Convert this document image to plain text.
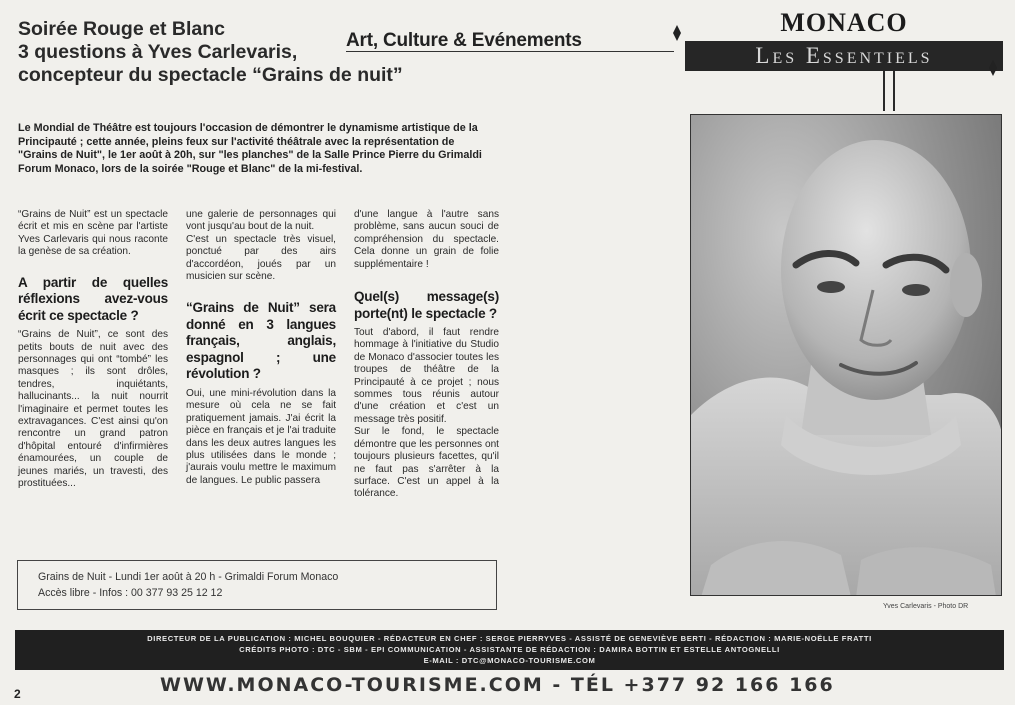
Soirée Rouge et Blanc
3 questions à Yves Carlevaris,
concepteur du spectacle “Grains de nuit”
Art, Culture & Evénements
MONACO
Les Essentiels
Le Mondial de Théâtre est toujours l'occasion de démontrer le dynamisme artistique de la Principauté ; cette année, pleins feux sur l'activité théâtrale avec la représentation de "Grains de Nuit", le 1er août à 20h, sur "les planches" de la Salle Prince Pierre du Grimaldi Forum Monaco, lors de la soirée "Rouge et Blanc" de la mi-festival.

“Grains de Nuit” est un spectacle écrit et mis en scène par l'artiste Yves Carlevaris qui nous raconte la genèse de sa création.

A partir de quelles réflexions avez-vous écrit ce spectacle ?

“Grains de Nuit”, ce sont des petits bouts de nuit avec des personnages qui ont “tombé” les masques ; ils sont drôles, tendres, inquiétants, hallucinants... la nuit nourrit l'imaginaire et permet toutes les extravagances. C'est ainsi qu'on rencontre un grand patron d'hôpital entouré d'infirmières énamourées, un couple de jeunes mariés, un travesti, des prostituées...

une galerie de personnages qui vont jusqu'au bout de la nuit.

C'est un spectacle très visuel, ponctué par des airs d'accordéon, joués par un musicien sur scène.

“Grains de Nuit” sera donné en 3 langues français, anglais, espagnol ; une révolution ?

Oui, une mini-révolution dans la mesure où cela ne se fait pratiquement jamais. J'ai écrit la pièce en français et je l'ai traduite dans les deux autres langues les plus utilisées dans le monde ; j'aurais voulu mettre le maximum de langues. Le public passera

d'une langue à l'autre sans problème, sans aucun souci de compréhension du spectacle. Cela donne un grain de folie supplémentaire !

Quel(s) message(s) porte(nt) le spectacle ?

Tout d'abord, il faut rendre hommage à l'initiative du Studio de Monaco d'associer toutes les troupes de théâtre de la Principauté à ce projet ; nous sommes tous réunis autour d'une création et c'est un message très positif.

Sur le fond, le spectacle démontre que les personnes ont toujours plusieurs facettes, qu'il ne faut pas s'arrêter à la surface. C'est un appel à la tolérance.

Grains de Nuit - Lundi 1er août à 20 h - Grimaldi Forum Monaco
Accès libre - Infos : 00 377 93 25 12 12
Yves Carlevaris - Photo DR
DIRECTEUR DE LA PUBLICATION : MICHEL BOUQUIER - RÉDACTEUR EN CHEF : SERGE PIERRYVES - ASSISTÉ DE GENEVIÈVE BERTI - RÉDACTION : MARIE-NOËLLE FRATTI
CRÉDITS PHOTO : DTC - SBM - EPI COMMUNICATION - ASSISTANTE DE RÉDACTION : DAMIRA BOTTIN ET ESTELLE ANTOGNELLI
E-MAIL : DTC@MONACO-TOURISME.COM
WWW.MONACO-TOURISME.COM - TÉL +377 92 166 166
2
